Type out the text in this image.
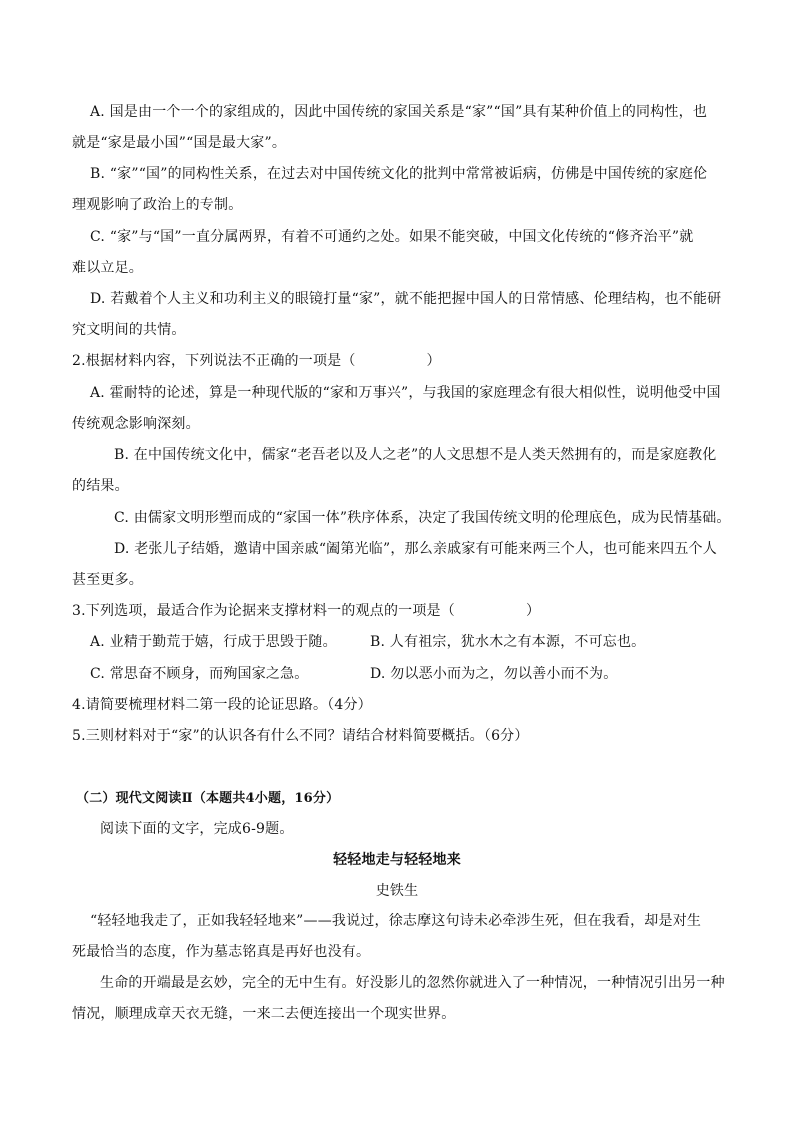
A. 国是由一个一个的家组成的，因此中国传统的家国关系是“家”“国”具有某种价值上的同构性，也
就是“家是最小国”“国是最大家”。
B. “家”“国”的同构性关系，在过去对中国传统文化的批判中常常被诟病，仿佛是中国传统的家庭伦
理观影响了政治上的专制。
C. “家”与“国”一直分属两界，有着不可通约之处。如果不能突破，中国文化传统的“修齐治平”就
难以立足。
D. 若戴着个人主义和功利主义的眼镜打量“家”，就不能把握中国人的日常情感、伦理结构，也不能研
究文明间的共情。
2.根据材料内容，下列说法不正确的一项是（　　　　　）
A. 霍耐特的论述，算是一种现代版的“家和万事兴”，与我国的家庭理念有很大相似性，说明他受中国
传统观念影响深刻。
B. 在中国传统文化中，儒家“老吾老以及人之老”的人文思想不是人类天然拥有的，而是家庭教化
的结果。
C. 由儒家文明形塑而成的“家国一体”秩序体系，决定了我国传统文明的伦理底色，成为民情基础。
D. 老张儿子结婚，邀请中国亲戚“阖第光临”，那么亲戚家有可能来两三个人，也可能来四五个人
甚至更多。
3.下列选项，最适合作为论据来支撑材料一的观点的一项是（　　　　　）
A. 业精于勤荒于嬉，行成于思毁于随。 B. 人有祖宗，犹水木之有本源，不可忘也。
C. 常思奋不顾身，而殉国家之急。	D. 勿以恶小而为之，勿以善小而不为。
4.请简要梳理材料二第一段的论证思路。（4分）
5.三则材料对于“家”的认识各有什么不同？请结合材料简要概括。（6分）
（二）现代文阅读Ⅱ（本题共4小题，16分）
阅读下面的文字，完成6-9题。
轻轻地走与轻轻地来
史铁生
“轻轻地我走了，正如我轻轻地来”——我说过，徐志摩这句诗未必牵涉生死，但在我看，却是对生
死最恰当的态度，作为墓志铭真是再好也没有。
生命的开端最是玄妙，完全的无中生有。好没影儿的忽然你就进入了一种情况，一种情况引出另一种
情况，顺理成章天衣无缝，一来二去便连接出一个现实世界。
